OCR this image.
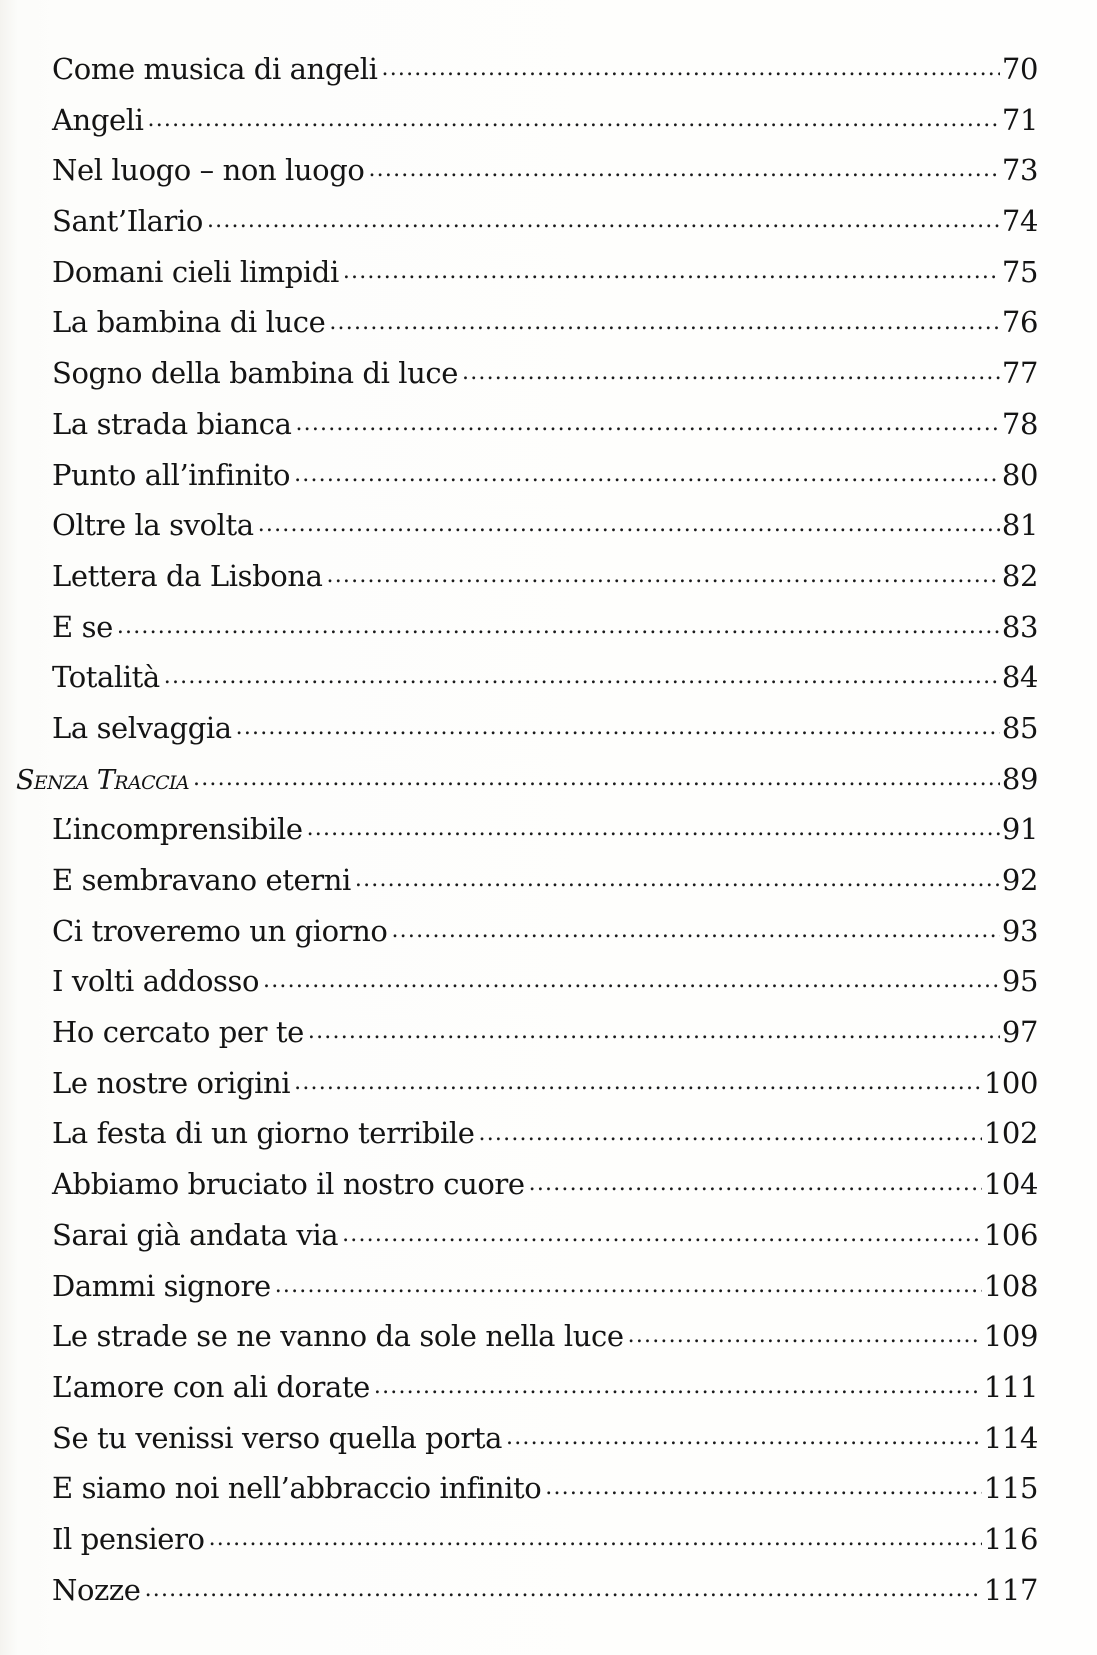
Come musica di angeli .....	70
Angeli .....	71
Nel luogo – non luogo .....	73
Sant’Ilario .....	74
Domani cieli limpidi .....	75
La bambina di luce .....	76
Sogno della bambina di luce .....	77
La strada bianca .....	78
Punto all’infinito .....	80
Oltre la svolta .....	81
Lettera da Lisbona .....	82
E se .....	83
Totalità .....	84
La selvaggia .....	85
Senza Traccia .....	89
L’incomprensibile .....	91
E sembravano eterni .....	92
Ci troveremo un giorno .....	93
I volti addosso .....	95
Ho cercato per te .....	97
Le nostre origini .....	100
La festa di un giorno terribile .....	102
Abbiamo bruciato il nostro cuore .....	104
Sarai già andata via .....	106
Dammi signore .....	108
Le strade se ne vanno da sole nella luce .....	109
L’amore con ali dorate .....	111
Se tu venissi verso quella porta .....	114
E siamo noi nell’abbraccio infinito .....	115
Il pensiero .....	116
Nozze .....	117
